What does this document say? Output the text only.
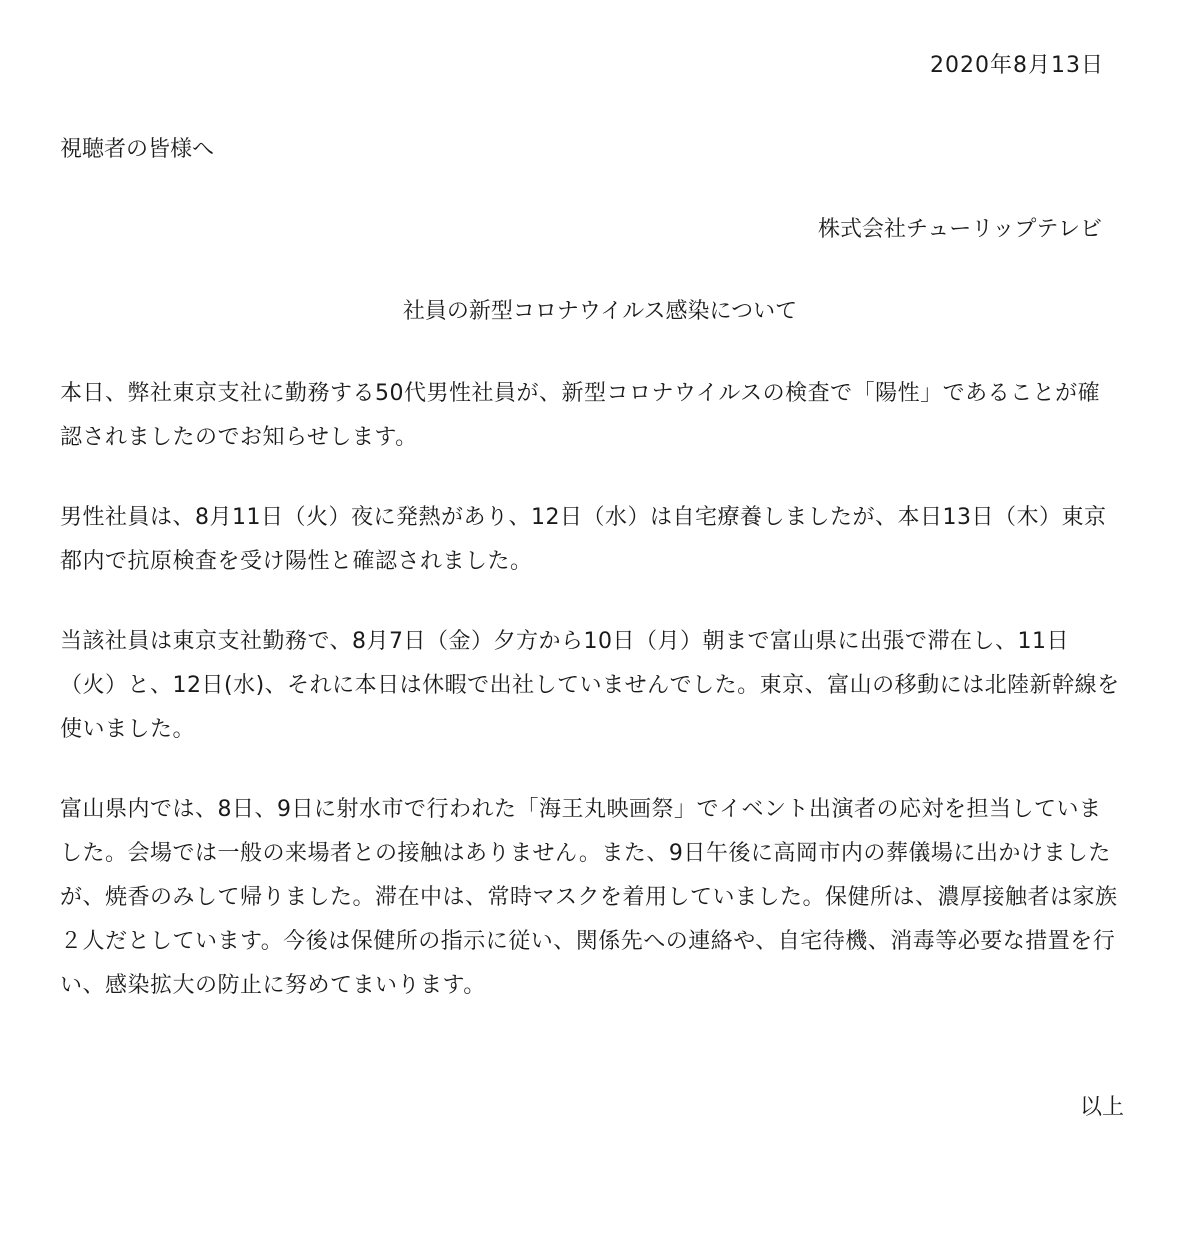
2020年8月13日
視聴者の皆様へ
株式会社チューリップテレビ
社員の新型コロナウイルス感染について

本日、弊社東京支社に勤務する50代男性社員が、新型コロナウイルスの検査で「陽性」であることが確認されましたのでお知らせします。

男性社員は、8月11日（火）夜に発熱があり、12日（水）は自宅療養しましたが、本日13日（木）東京都内で抗原検査を受け陽性と確認されました。

当該社員は東京支社勤務で、8月7日（金）夕方から10日（月）朝まで富山県に出張で滞在し、11日（火）と、12日(水)、それに本日は休暇で出社していませんでした。東京、富山の移動には北陸新幹線を使いました。

富山県内では、8日、9日に射水市で行われた「海王丸映画祭」でイベント出演者の応対を担当していました。会場では一般の来場者との接触はありません。また、9日午後に高岡市内の葬儀場に出かけましたが、焼香のみして帰りました。滞在中は、常時マスクを着用していました。保健所は、濃厚接触者は家族２人だとしています。今後は保健所の指示に従い、関係先への連絡や、自宅待機、消毒等必要な措置を行い、感染拡大の防止に努めてまいります。

以上
